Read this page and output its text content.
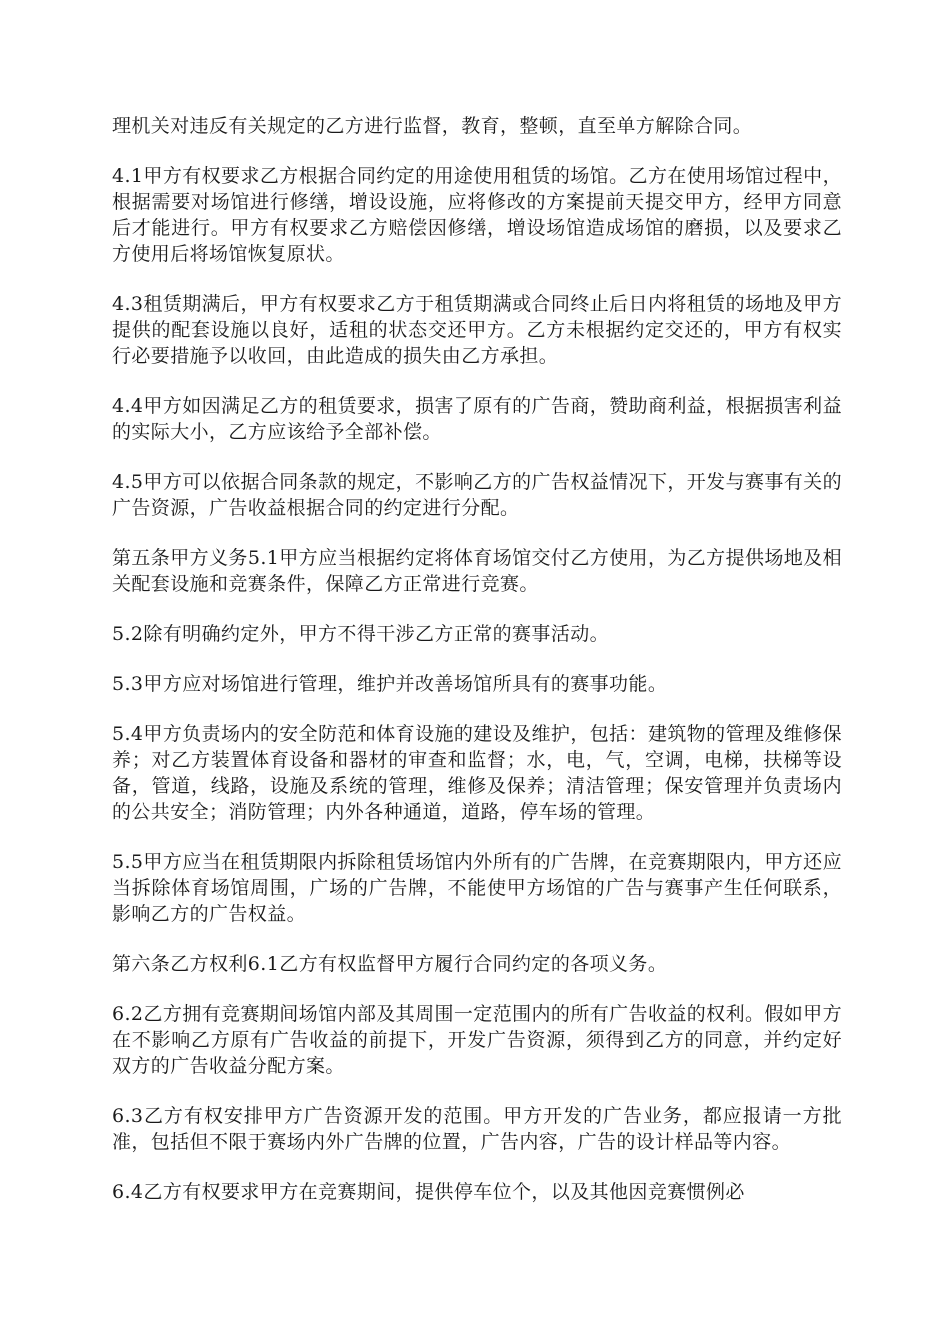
理机关对违反有关规定的乙方进行监督，教育，整顿，直至单方解除合同。

4.1甲方有权要求乙方根据合同约定的用途使用租赁的场馆。乙方在使用场馆过程中，根据需要对场馆进行修缮，增设设施，应将修改的方案提前天提交甲方，经甲方同意后才能进行。甲方有权要求乙方赔偿因修缮，增设场馆造成场馆的磨损，以及要求乙方使用后将场馆恢复原状。

4.3租赁期满后，甲方有权要求乙方于租赁期满或合同终止后日内将租赁的场地及甲方提供的配套设施以良好，适租的状态交还甲方。乙方未根据约定交还的，甲方有权实行必要措施予以收回，由此造成的损失由乙方承担。

4.4甲方如因满足乙方的租赁要求，损害了原有的广告商，赞助商利益，根据损害利益的实际大小，乙方应该给予全部补偿。

4.5甲方可以依据合同条款的规定，不影响乙方的广告权益情况下，开发与赛事有关的广告资源，广告收益根据合同的约定进行分配。

第五条甲方义务5.1甲方应当根据约定将体育场馆交付乙方使用，为乙方提供场地及相关配套设施和竞赛条件，保障乙方正常进行竞赛。

5.2除有明确约定外，甲方不得干涉乙方正常的赛事活动。

5.3甲方应对场馆进行管理，维护并改善场馆所具有的赛事功能。

5.4甲方负责场内的安全防范和体育设施的建设及维护，包括：建筑物的管理及维修保养；对乙方装置体育设备和器材的审查和监督；水，电，气，空调，电梯，扶梯等设备，管道，线路，设施及系统的管理，维修及保养；清洁管理；保安管理并负责场内的公共安全；消防管理；内外各种通道，道路，停车场的管理。

5.5甲方应当在租赁期限内拆除租赁场馆内外所有的广告牌，在竞赛期限内，甲方还应当拆除体育场馆周围，广场的广告牌，不能使甲方场馆的广告与赛事产生任何联系，影响乙方的广告权益。

第六条乙方权利6.1乙方有权监督甲方履行合同约定的各项义务。

6.2乙方拥有竞赛期间场馆内部及其周围一定范围内的所有广告收益的权利。假如甲方在不影响乙方原有广告收益的前提下，开发广告资源，须得到乙方的同意，并约定好双方的广告收益分配方案。

6.3乙方有权安排甲方广告资源开发的范围。甲方开发的广告业务，都应报请一方批准，包括但不限于赛场内外广告牌的位置，广告内容，广告的设计样品等内容。

6.4乙方有权要求甲方在竞赛期间，提供停车位个，以及其他因竞赛惯例必
